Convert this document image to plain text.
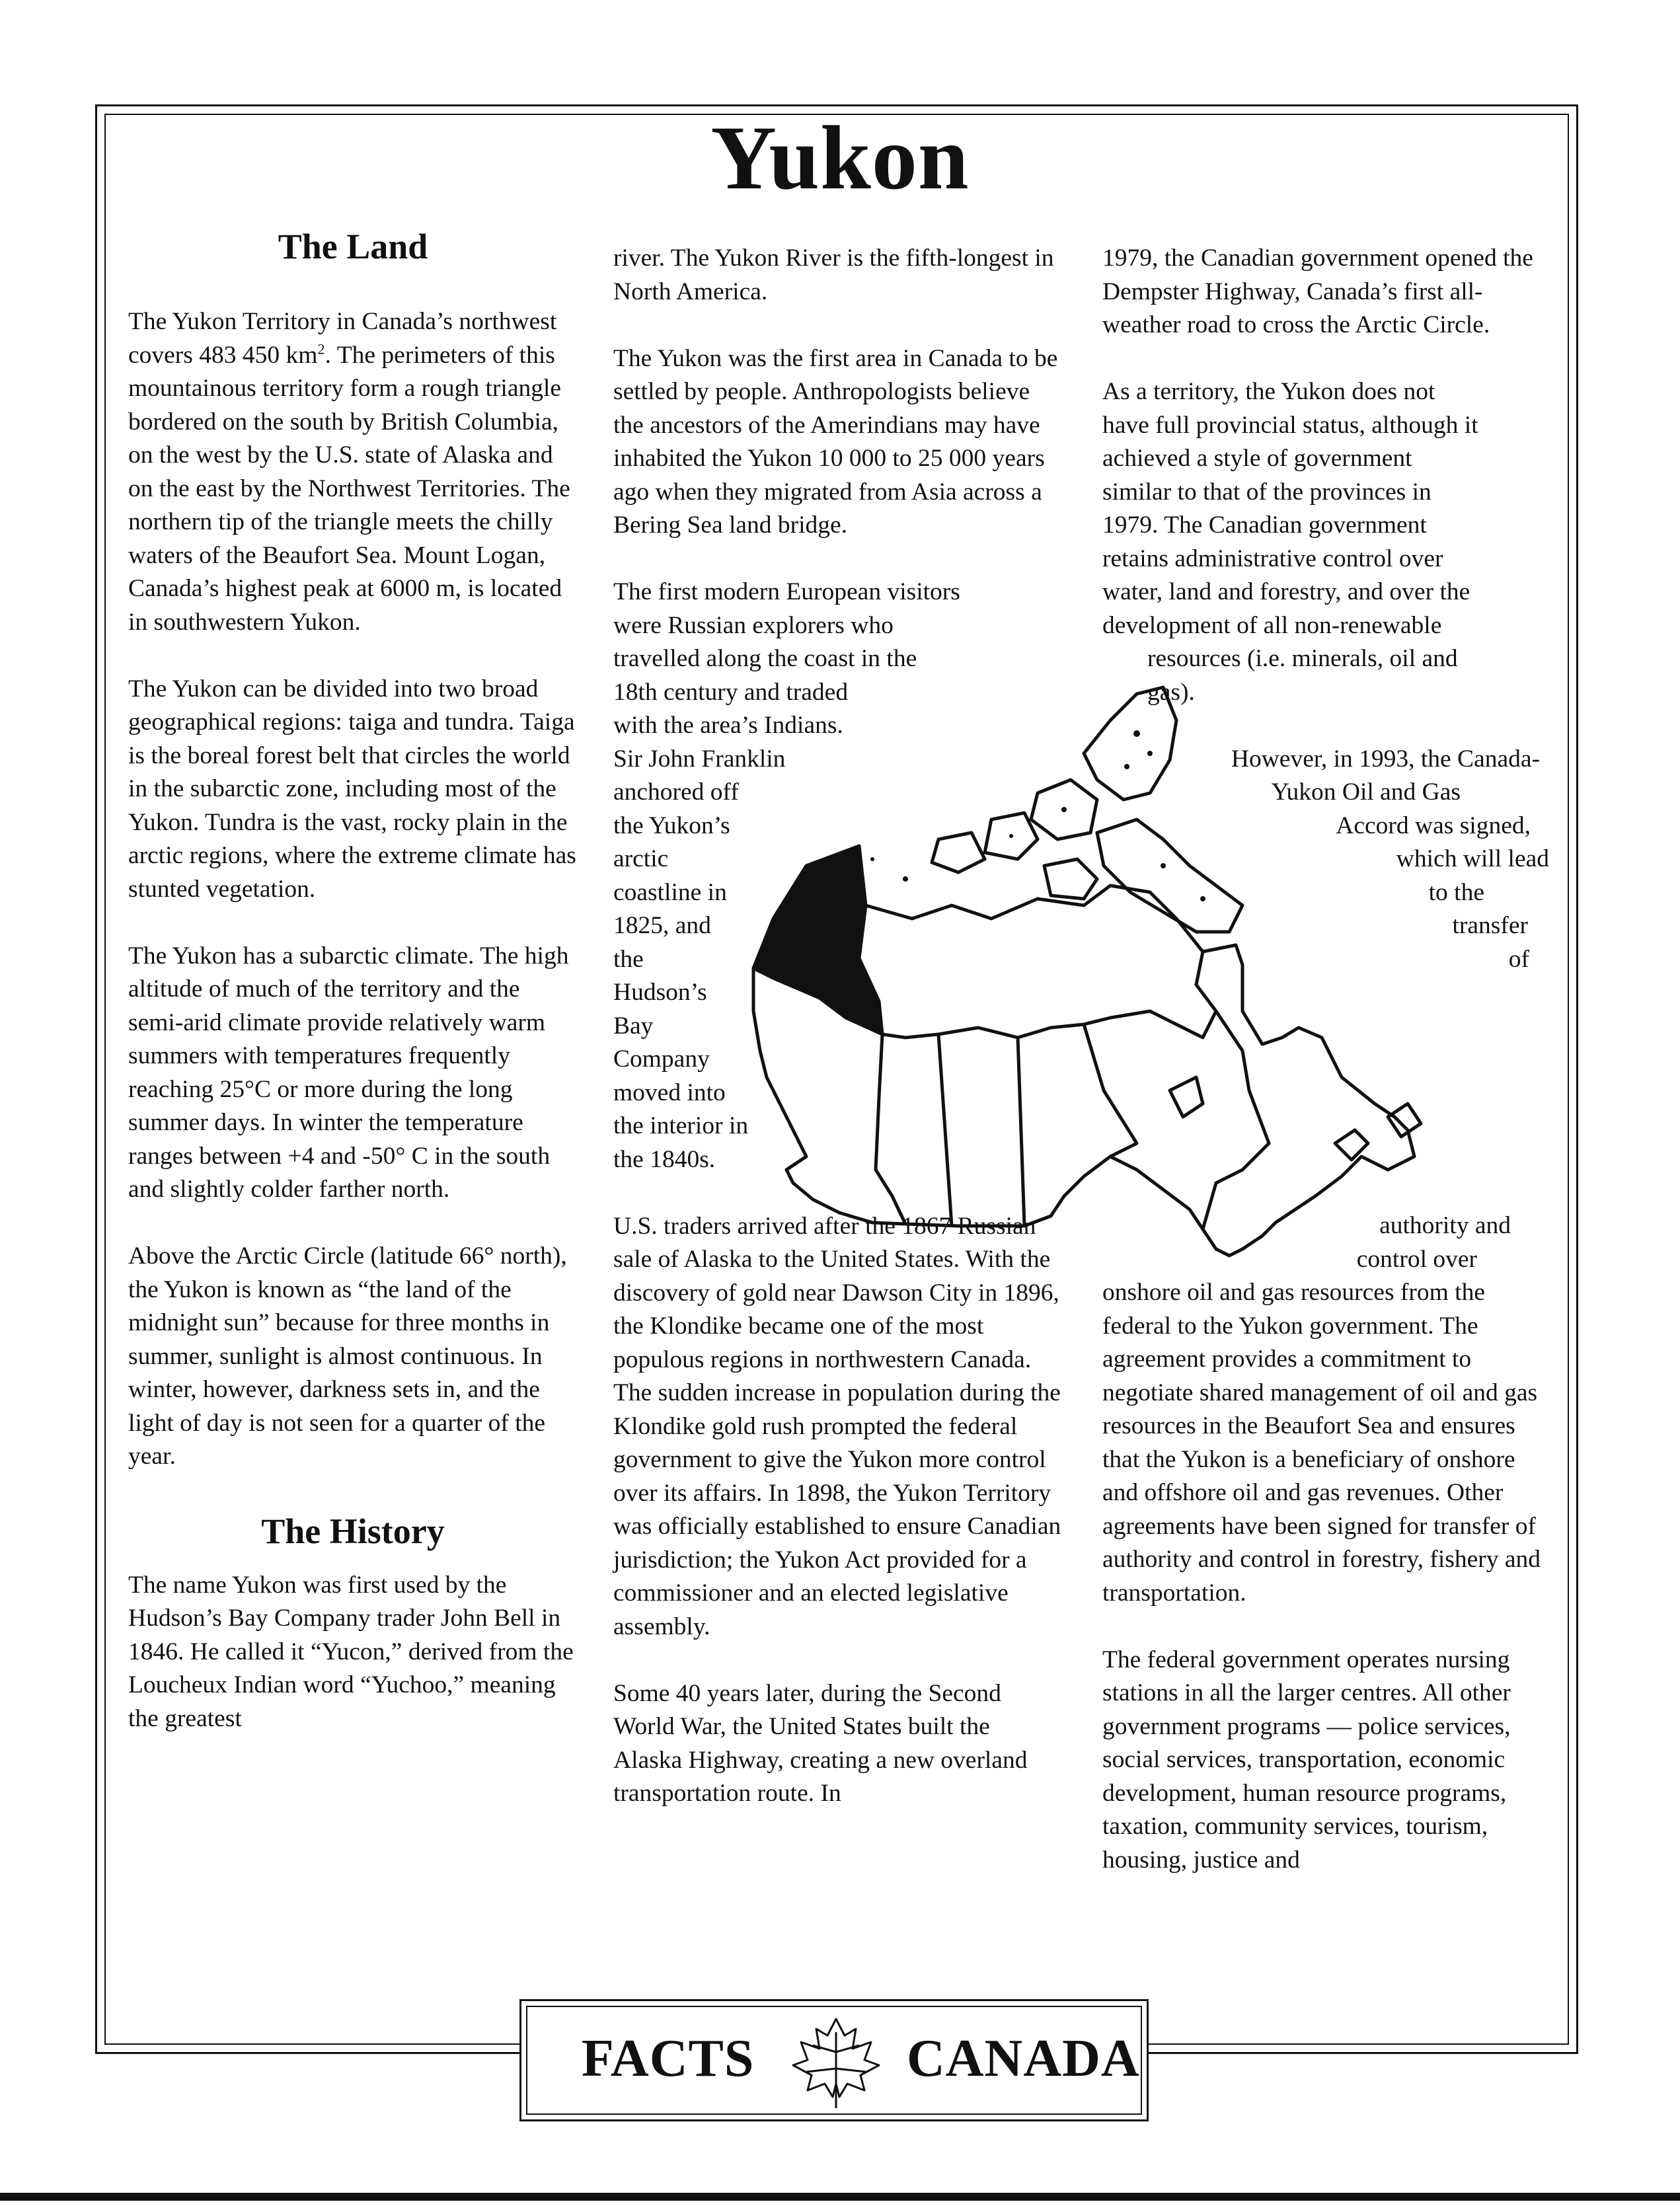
Yukon
The Land

The Yukon Territory in Canada’s northwest covers 483 450 $km^2$. The perimeters of this mountainous territory form a rough triangle bordered on the south by British Columbia, on the west by the U.S. state of Alaska and on the east by the Northwest Territories. The northern tip of the triangle meets the chilly waters of the Beaufort Sea. Mount Logan, Canada’s highest peak at 6000 m, is located in southwestern Yukon.

The Yukon can be divided into two broad geographical regions: taiga and tundra. Taiga is the boreal forest belt that circles the world in the subarctic zone, including most of the Yukon. Tundra is the vast, rocky plain in the arctic regions, where the extreme climate has stunted vegetation.

The Yukon has a subarctic climate. The high altitude of much of the territory and the semi-arid climate provide relatively warm summers with temperatures frequently reaching 25°C or more during the long summer days. In winter the temperature ranges between +4 and -50° C in the south and slightly colder farther north.

Above the Arctic Circle (latitude 66° north), the Yukon is known as “the land of the midnight sun” because for three months in summer, sunlight is almost continuous. In winter, however, darkness sets in, and the light of day is not seen for a quarter of the year.

The History

The name Yukon was first used by the Hudson’s Bay Company trader John Bell in 1846. He called it “Yucon,” derived from the Loucheux Indian word “Yuchoo,” meaning the greatest

river. The Yukon River is the fifth-longest in North America.

The Yukon was the first area in Canada to be settled by people. Anthropologists believe the ancestors of the Amerindians may have inhabited the Yukon 10 000 to 25 000 years ago when they migrated from Asia across a Bering Sea land bridge.

The first modern European visitors
were Russian explorers who
travelled along the coast in the
18th century and traded
with the area’s Indians.
Sir John Franklin
anchored off
the Yukon’s
arctic
coastline in
1825, and
the
Hudson’s
Bay
Company
moved into
the interior in
the 1840s.

U.S. traders arrived after the 1867 Russian sale of Alaska to the United States. With the discovery of gold near Dawson City in 1896, the Klondike became one of the most populous regions in northwestern Canada. The sudden increase in population during the Klondike gold rush prompted the federal government to give the Yukon more control over its affairs. In 1898, the Yukon Territory was officially established to ensure Canadian jurisdiction; the Yukon Act provided for a commissioner and an elected legislative assembly.

Some 40 years later, during the Second World War, the United States built the Alaska Highway, creating a new overland transportation route. In

1979, the Canadian government opened the Dempster Highway, Canada’s first all-weather road to cross the Arctic Circle.

As a territory, the Yukon does not
have full provincial status, although it
achieved a style of government
similar to that of the provinces in
1979. The Canadian government
retains administrative control over
water, land and forestry, and over the
development of all non-renewable
resources (i.e. minerals, oil and
gas).

However, in 1993, the Canada-
Yukon Oil and Gas
Accord was signed,
which will lead
to the
transfer
of
authority and
control over

onshore oil and gas resources from the federal to the Yukon government. The agreement provides a commitment to negotiate shared management of oil and gas resources in the Beaufort Sea and ensures that the Yukon is a beneficiary of onshore and offshore oil and gas revenues. Other agreements have been signed for transfer of authority and control in forestry, fishery and transportation.

The federal government operates nursing stations in all the larger centres. All other government programs — police services, social services, transportation, economic development, human resource programs, taxation, community services, tourism, housing, justice and

FACTS	CANADA
